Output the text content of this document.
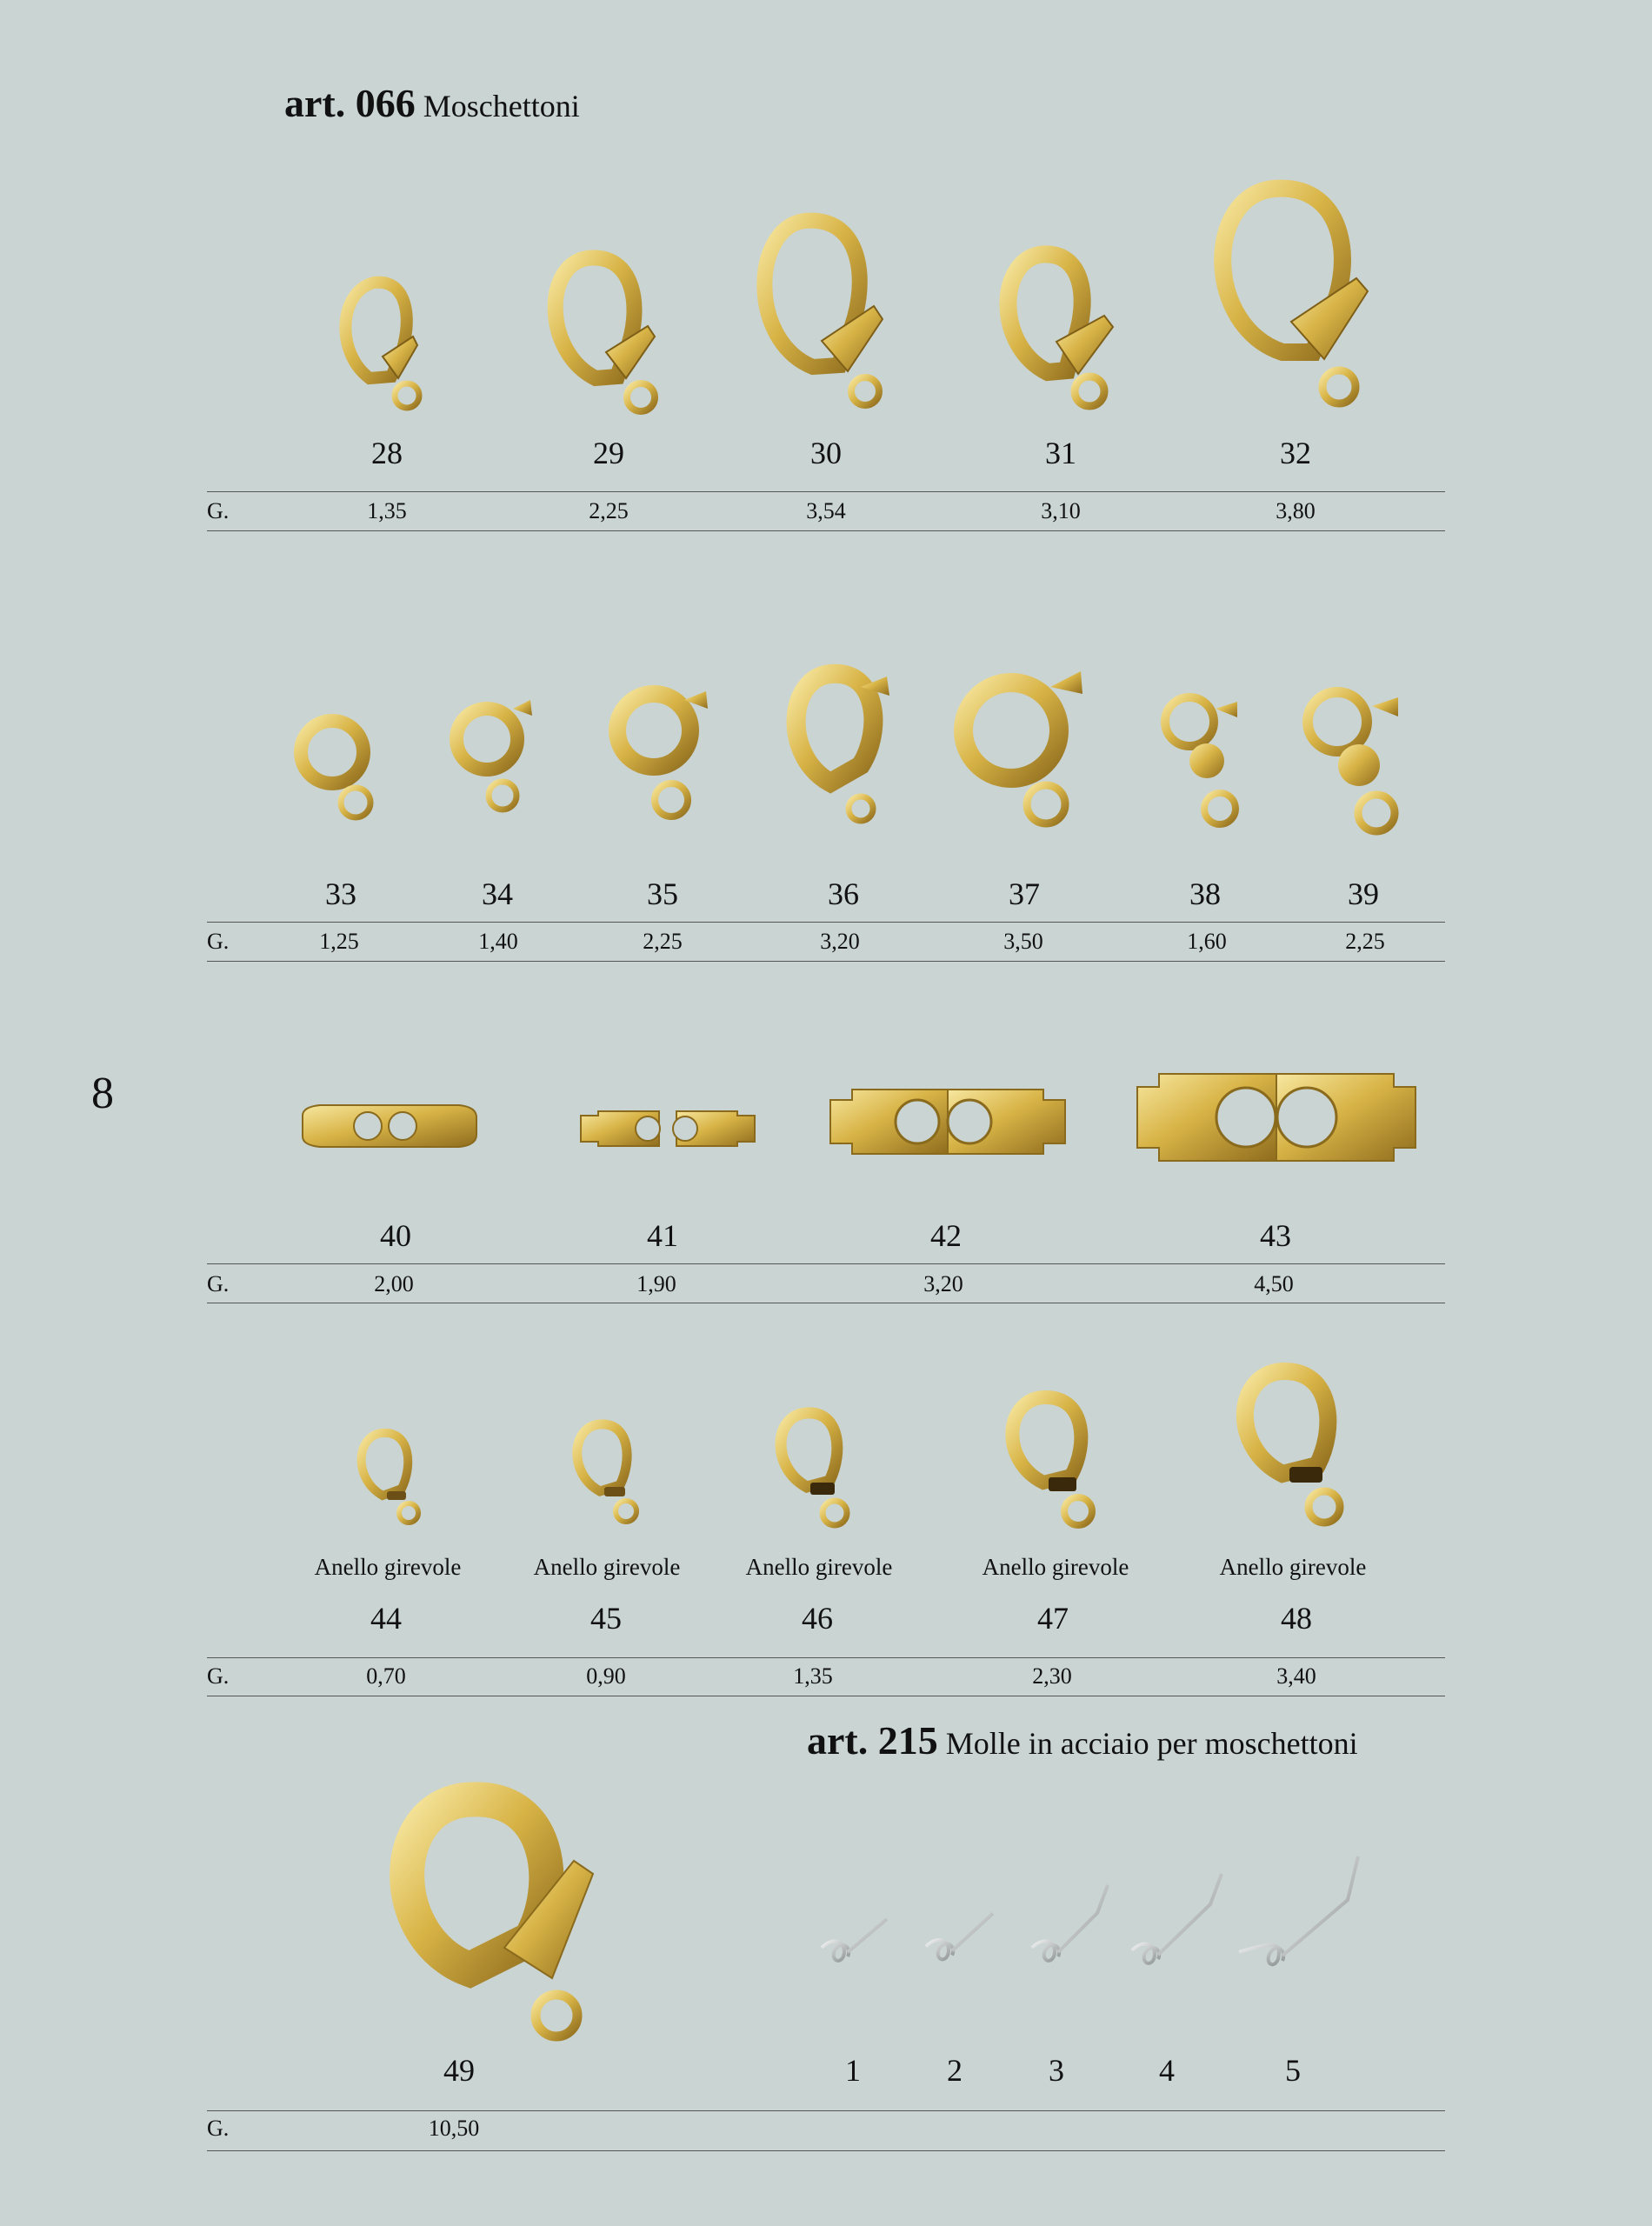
art. 066 Moschettoni
8
28	29	30	31	32
G.	1,35	2,25	3,54	3,10	3,80
33	34	35	36	37	38	39
G.	1,25	1,40	2,25	3,20	3,50	1,60	2,25
40	41	42	43
G.	2,00	1,90	3,20	4,50
Anello girevole	Anello girevole	Anello girevole	Anello girevole	Anello girevole
44	45	46	47	48
G.	0,70	0,90	1,35	2,30	3,40
art. 215 Molle in acciaio per moschettoni
49	1	2	3	4	5
G.	10,50
